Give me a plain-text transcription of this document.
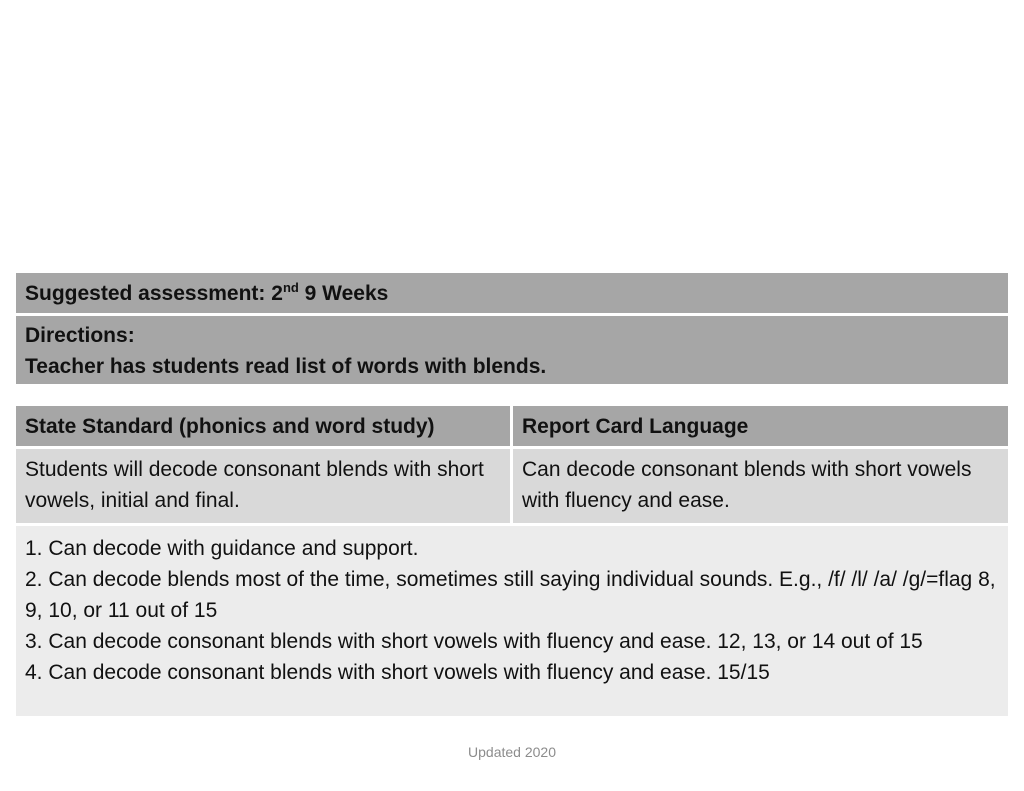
Suggested assessment: 2nd 9 Weeks
Directions:
Teacher has students read list of words with blends.
State Standard (phonics and word study)	Report Card Language
Students will decode consonant blends with short vowels, initial and final.
Can decode consonant blends with short vowels with fluency and ease.
1. Can decode with guidance and support.
2. Can decode blends most of the time, sometimes still saying individual sounds. E.g., /f/ /l/ /a/ /g/=flag 8, 9, 10, or 11 out of 15
3. Can decode consonant blends with short vowels with fluency and ease. 12, 13, or 14 out of 15
4. Can decode consonant blends with short vowels with fluency and ease. 15/15
Updated 2020
